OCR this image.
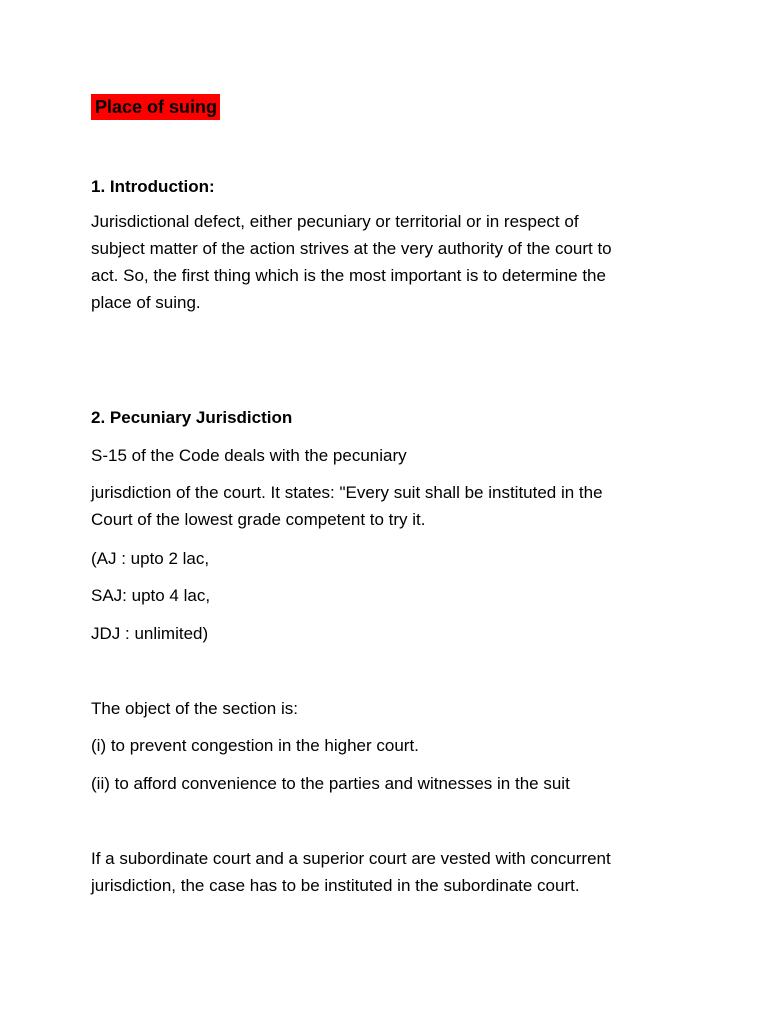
Place of suing
1. Introduction:
Jurisdictional defect, either pecuniary or territorial or in respect of
subject matter of the action strives at the very authority of the court to
act. So, the first thing which is the most important is to determine the
place of suing.
2. Pecuniary Jurisdiction
S-15 of the Code deals with the pecuniary
jurisdiction of the court. It states: "Every suit shall be instituted in the
Court of the lowest grade competent to try it.
(AJ : upto 2 lac,
SAJ: upto 4 lac,
JDJ : unlimited)
The object of the section is:
(i) to prevent congestion in the higher court.
(ii) to afford convenience to the parties and witnesses in the suit
If a subordinate court and a superior court are vested with concurrent
jurisdiction, the case has to be instituted in the subordinate court.
